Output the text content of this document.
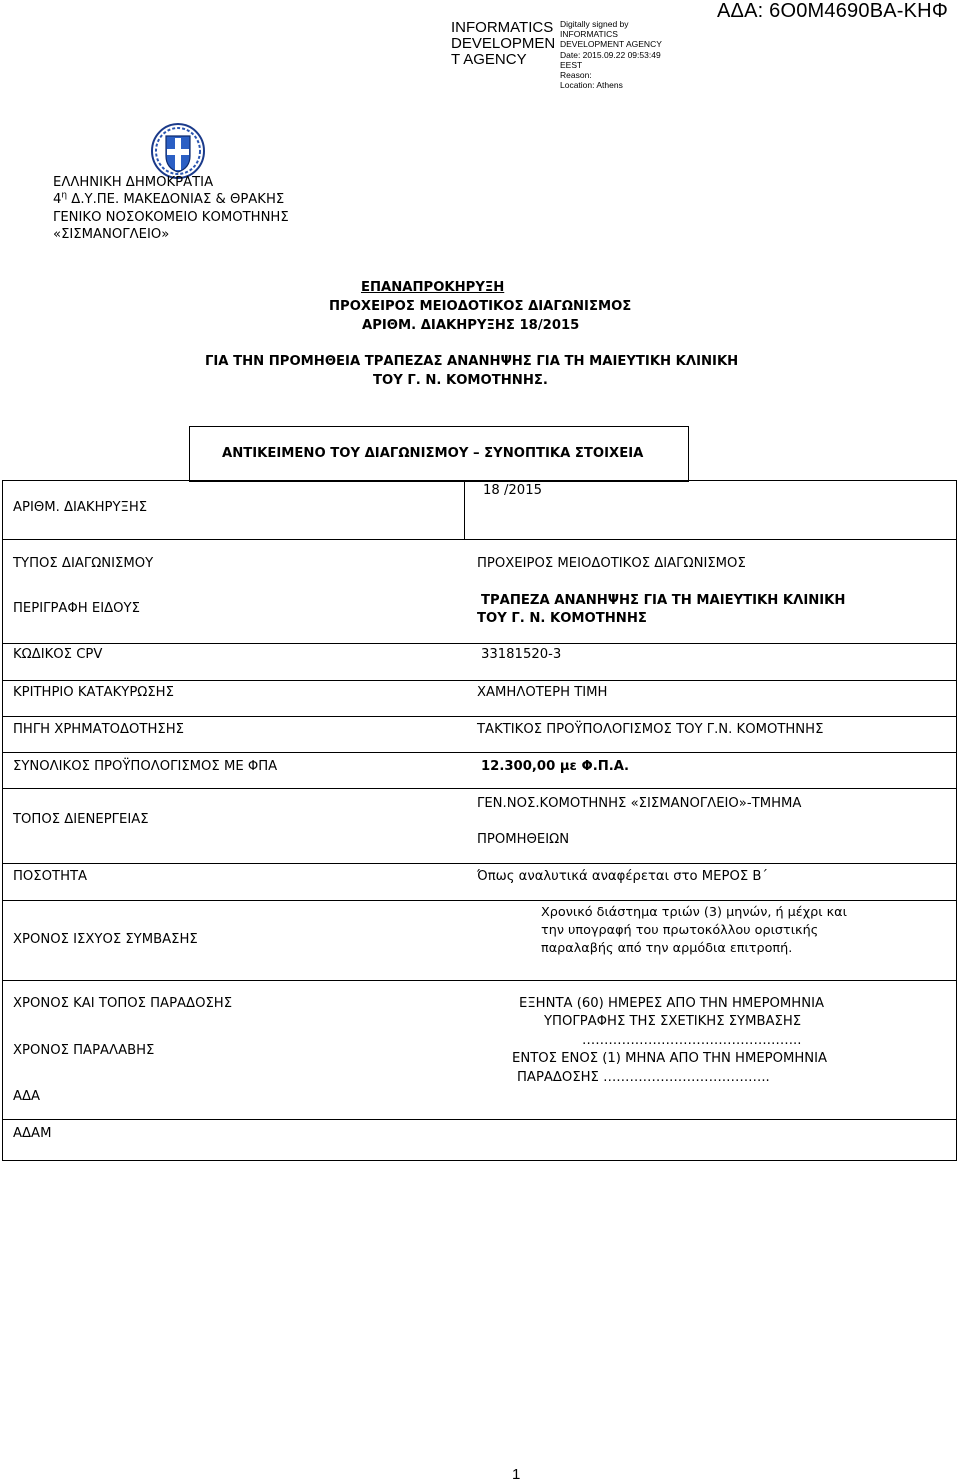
INFORMATICS
DEVELOPMEN
T AGENCY
Digitally signed by
INFORMATICS
DEVELOPMENT AGENCY
Date: 2015.09.22 09:53:49
EEST
Reason:
Location: Athens
ΑΔΑ: 6Ο0Μ4690ΒΑ-ΚΗΦ
ΕΛΛΗΝΙΚΗ ΔΗΜΟΚΡΑΤΙΑ
$4^\eta$ Δ.Υ.ΠΕ. ΜΑΚΕΔΟΝΙΑΣ & ΘΡΑΚΗΣ
ΓΕΝΙΚΟ ΝΟΣΟΚΟΜΕΙΟ ΚΟΜΟΤΗΝΗΣ
«ΣΙΣΜΑΝΟΓΛΕΙΟ»
ΕΠΑΝΑΠΡΟΚΗΡΥΞΗ
ΠΡΟΧΕΙΡΟΣ ΜΕΙΟΔΟΤΙΚΟΣ ΔΙΑΓΩΝΙΣΜΟΣ
ΑΡΙΘΜ. ΔΙΑΚΗΡΥΞΗΣ 18/2015
ΓΙΑ ΤΗΝ ΠΡΟΜΗΘΕΙΑ ΤΡΑΠΕΖΑΣ ΑΝΑΝΗΨΗΣ ΓΙΑ ΤΗ ΜΑΙΕΥΤΙΚΗ ΚΛΙΝΙΚΗ
ΤΟΥ Γ. Ν. ΚΟΜΟΤΗΝΗΣ.
ΑΝΤΙΚΕΙΜΕΝΟ ΤΟΥ ΔΙΑΓΩΝΙΣΜΟΥ – ΣΥΝΟΠΤΙΚΑ ΣΤΟΙΧΕΙΑ
ΑΡΙΘΜ. ΔΙΑΚΗΡΥΞΗΣ
ΤΥΠΟΣ ΔΙΑΓΩΝΙΣΜΟΥ
ΠΕΡΙΓΡΑΦΗ ΕΙΔΟΥΣ
ΚΩΔΙΚΟΣ CPV
ΚΡΙΤΗΡΙΟ ΚΑΤΑΚΥΡΩΣΗΣ
ΠΗΓΗ ΧΡΗΜΑΤΟΔΟΤΗΣΗΣ
ΣΥΝΟΛΙΚΟΣ ΠΡΟΫΠΟΛΟΓΙΣΜΟΣ ΜΕ ΦΠΑ
ΤΟΠΟΣ ΔΙΕΝΕΡΓΕΙΑΣ
ΠΟΣΟΤΗΤΑ
ΧΡΟΝΟΣ ΙΣΧΥΟΣ ΣΥΜΒΑΣΗΣ
ΧΡΟΝΟΣ ΚΑΙ ΤΟΠΟΣ ΠΑΡΑΔΟΣΗΣ
ΧΡΟΝΟΣ ΠΑΡΑΛΑΒΗΣ
ΑΔΑ
ΑΔΑΜ
18 /2015
ΠΡΟΧΕΙΡΟΣ ΜΕΙΟΔΟΤΙΚΟΣ ΔΙΑΓΩΝΙΣΜΟΣ
ΤΡΑΠΕΖΑ ΑΝΑΝΗΨΗΣ ΓΙΑ ΤΗ ΜΑΙΕΥΤΙΚΗ ΚΛΙΝΙΚΗ
ΤΟΥ Γ. Ν. ΚΟΜΟΤΗΝΗΣ
33181520-3
ΧΑΜΗΛΟΤΕΡΗ ΤΙΜΗ
ΤΑΚΤΙΚΟΣ ΠΡΟΫΠΟΛΟΓΙΣΜΟΣ ΤΟΥ Γ.Ν. ΚΟΜΟΤΗΝΗΣ
12.300,00 με Φ.Π.Α.
ΓΕΝ.ΝΟΣ.ΚΟΜΟΤΗΝΗΣ «ΣΙΣΜΑΝΟΓΛΕΙΟ»-ΤΜΗΜΑ
ΠΡΟΜΗΘΕΙΩΝ
Όπως αναλυτικά αναφέρεται στο ΜΕΡΟΣ Β΄
Χρονικό διάστημα τριών (3) μηνών, ή μέχρι και
την υπογραφή του πρωτοκόλλου οριστικής
παραλαβής από την αρμόδια επιτροπή.
ΕΞΗΝΤΑ (60) ΗΜΕΡΕΣ ΑΠΟ ΤΗΝ ΗΜΕΡΟΜΗΝΙΑ
ΥΠΟΓΡΑΦΗΣ ΤΗΣ ΣΧΕΤΙΚΗΣ ΣΥΜΒΑΣΗΣ
…………………………………………..
ΕΝΤΟΣ ΕΝΟΣ (1) ΜΗΝΑ ΑΠΟ ΤΗΝ ΗΜΕΡΟΜΗΝΙΑ
ΠΑΡΑΔΟΣΗΣ ………………………………..
1
